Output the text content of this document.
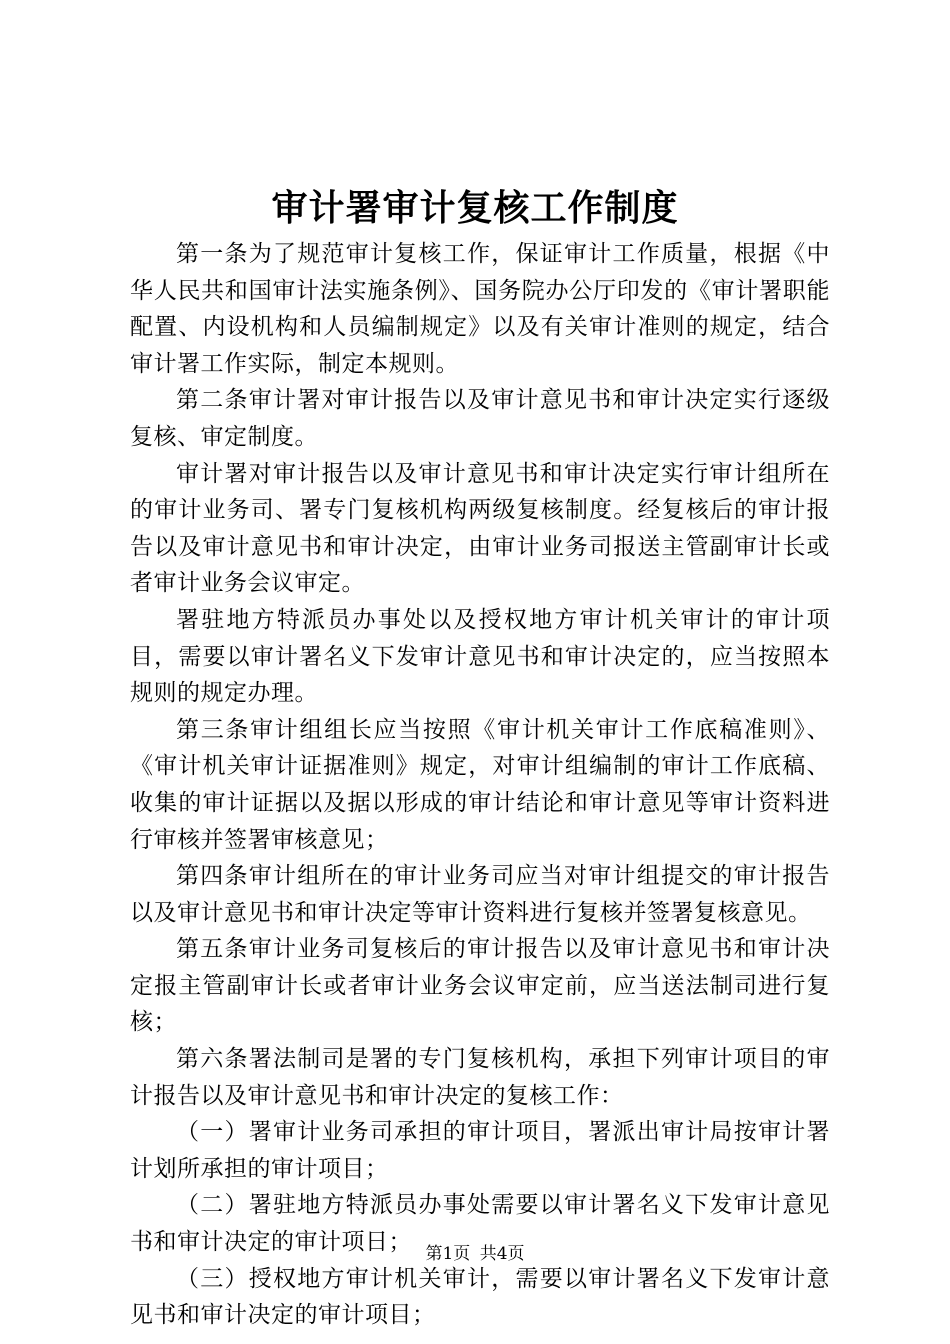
审计署审计复核工作制度

第一条为了规范审计复核工作，保证审计工作质量，根据《中华人民共和国审计法实施条例》、国务院办公厅印发的《审计署职能配置、内设机构和人员编制规定》以及有关审计准则的规定，结合审计署工作实际，制定本规则。

第二条审计署对审计报告以及审计意见书和审计决定实行逐级复核、审定制度。

审计署对审计报告以及审计意见书和审计决定实行审计组所在的审计业务司、署专门复核机构两级复核制度。经复核后的审计报告以及审计意见书和审计决定，由审计业务司报送主管副审计长或者审计业务会议审定。

署驻地方特派员办事处以及授权地方审计机关审计的审计项目，需要以审计署名义下发审计意见书和审计决定的，应当按照本规则的规定办理。

第三条审计组组长应当按照《审计机关审计工作底稿准则》、《审计机关审计证据准则》规定，对审计组编制的审计工作底稿、收集的审计证据以及据以形成的审计结论和审计意见等审计资料进行审核并签署审核意见；

第四条审计组所在的审计业务司应当对审计组提交的审计报告以及审计意见书和审计决定等审计资料进行复核并签署复核意见。

第五条审计业务司复核后的审计报告以及审计意见书和审计决定报主管副审计长或者审计业务会议审定前，应当送法制司进行复核；

第六条署法制司是署的专门复核机构，承担下列审计项目的审计报告以及审计意见书和审计决定的复核工作：

（一）署审计业务司承担的审计项目，署派出审计局按审计署计划所承担的审计项目；

（二）署驻地方特派员办事处需要以审计署名义下发审计意见书和审计决定的审计项日；

（三）授权地方审计机关审计，需要以审计署名义下发审计意见书和审计决定的审计项目；

第1页 共4页
